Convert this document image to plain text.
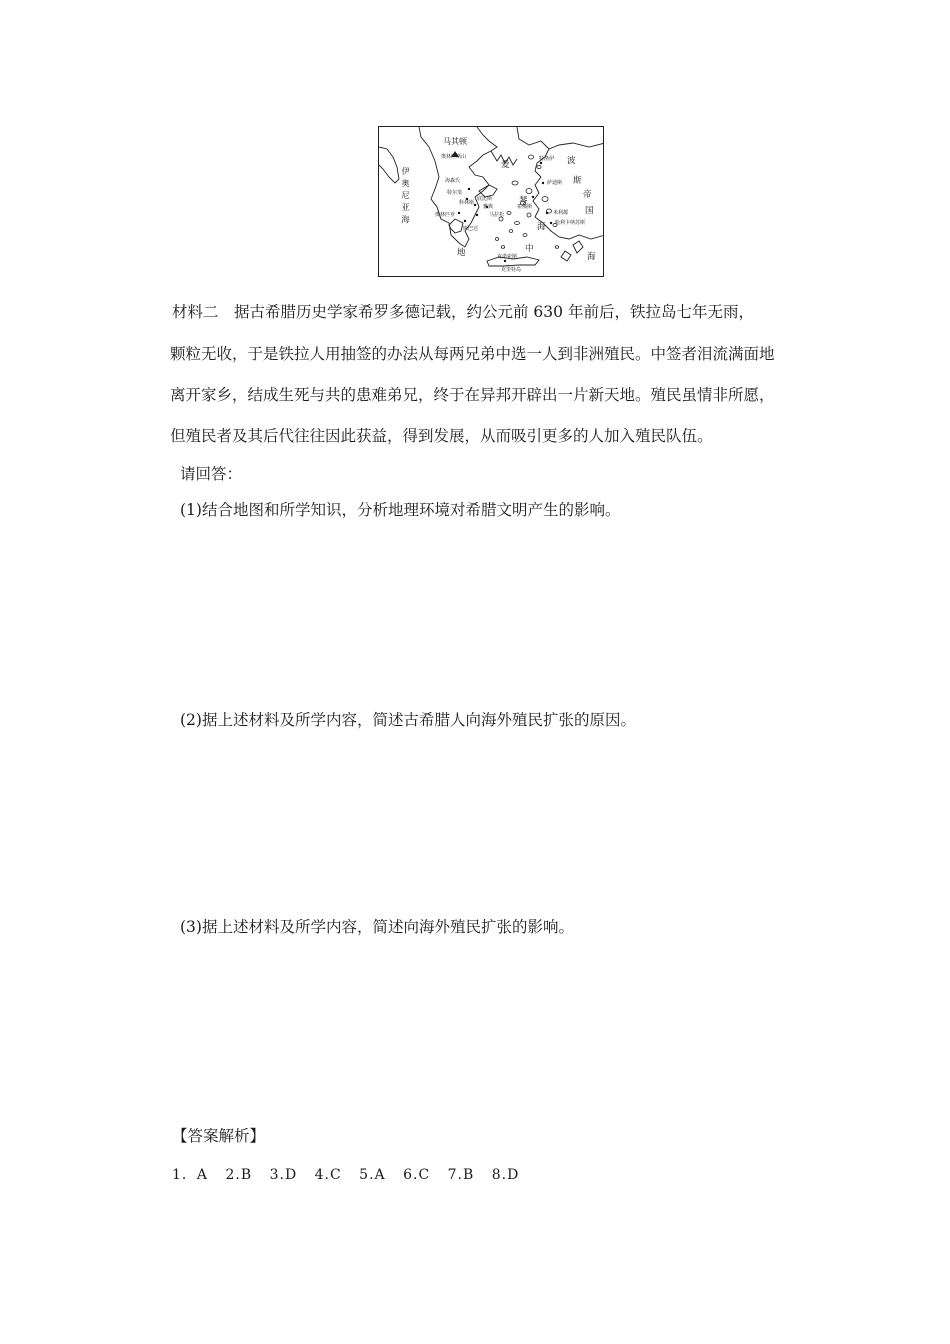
马其顿
奥林匹斯山
伊奥尼亚海
爱
琴
海
海森氏
特尔斐
底比斯
奥林匹亚
科林斯
雅典
马拉松
斯巴达
特洛伊 波
斯
帝
国
萨迪斯
米利都
哈利卡纳苏斯
希俄斯
地	中
海
克诺索斯
克里特岛
材料二　据古希腊历史学家希罗多德记载，约公元前 630 年前后，铁拉岛七年无雨，
颗粒无收，于是铁拉人用抽签的办法从每两兄弟中选一人到非洲殖民。中签者泪流满面地
离开家乡，结成生死与共的患难弟兄，终于在异邦开辟出一片新天地。殖民虽情非所愿，
但殖民者及其后代往往因此获益，得到发展，从而吸引更多的人加入殖民队伍。
请回答：
(1)结合地图和所学知识，分析地理环境对希腊文明产生的影响。
(2)据上述材料及所学内容，简述古希腊人向海外殖民扩张的原因。
(3)据上述材料及所学内容，简述向海外殖民扩张的影响。
【答案解析】
1．A 2.B 3.D 4.C 5.A 6.C 7.B 8.D
